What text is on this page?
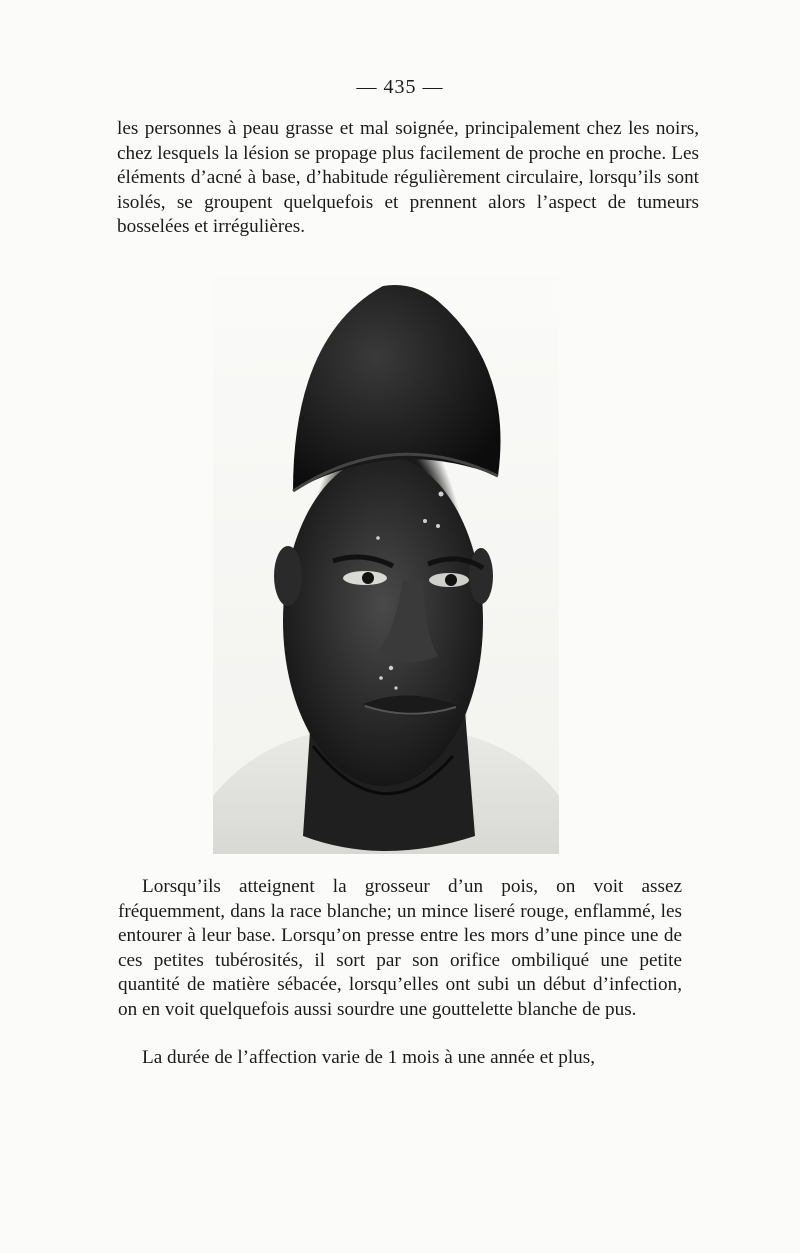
— 435 —

les personnes à peau grasse et mal soignée, principalement chez les noirs, chez lesquels la lésion se propage plus facilement de proche en proche. Les éléments d’acné à base, d’habitude régulièrement circulaire, lorsqu’ils sont isolés, se groupent quelquefois et prennent alors l’aspect de tumeurs bosselées et irrégulières.

Lorsqu’ils atteignent la grosseur d’un pois, on voit assez fréquemment, dans la race blanche; un mince liseré rouge, enflammé, les entourer à leur base. Lorsqu’on presse entre les mors d’une pince une de ces petites tubérosités, il sort par son orifice ombiliqué une petite quantité de matière sébacée, lorsqu’elles ont subi un début d’infection, on en voit quelquefois aussi sourdre une gouttelette blanche de pus.

La durée de l’affection varie de 1 mois à une année et plus,
